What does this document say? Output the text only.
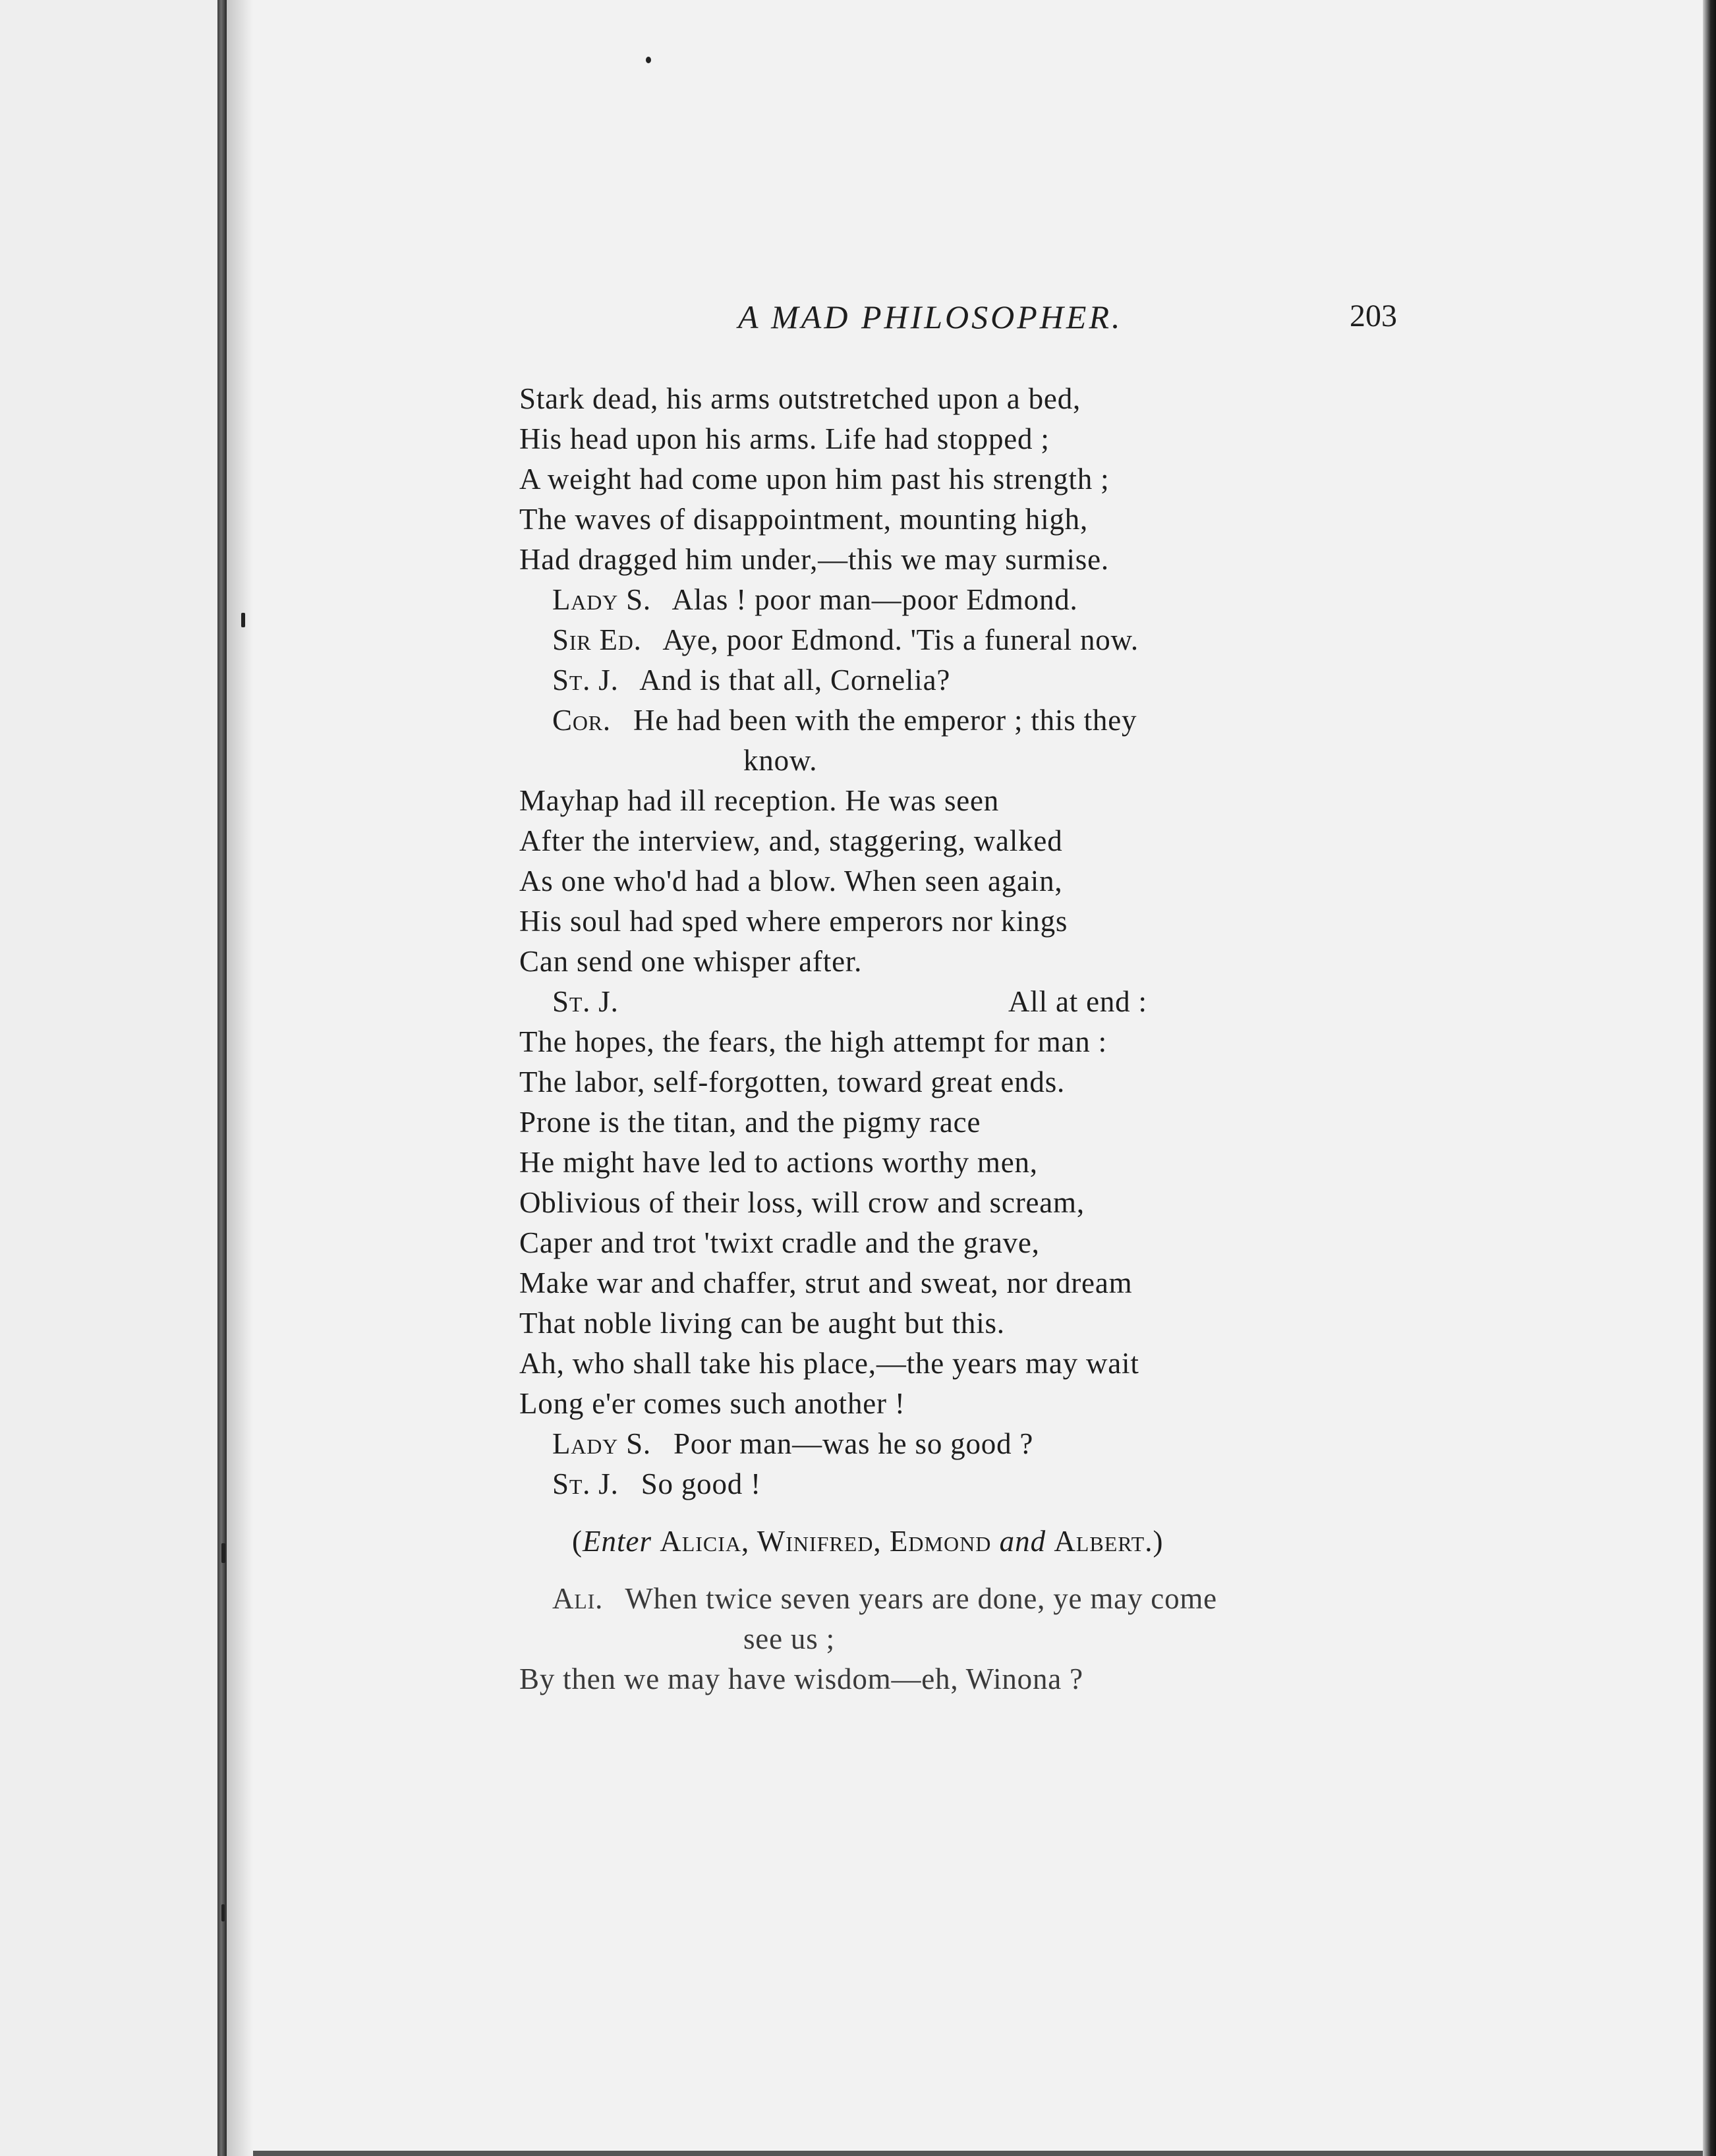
A MAD PHILOSOPHER.	203
Stark dead, his arms outstretched upon a bed,
His head upon his arms. Life had stopped ;
A weight had come upon him past his strength ;
The waves of disappointment, mounting high,
Had dragged him under,—this we may surmise.
Lady S. Alas ! poor man—poor Edmond.
Sir Ed. Aye, poor Edmond. 'Tis a funeral now.
St. J. And is that all, Cornelia?
Cor. He had been with the emperor ; this they
know.
Mayhap had ill reception. He was seen
After the interview, and, staggering, walked
As one who'd had a blow. When seen again,
His soul had sped where emperors nor kings
Can send one whisper after.
St. J.	All at end :
The hopes, the fears, the high attempt for man :
The labor, self-forgotten, toward great ends.
Prone is the titan, and the pigmy race
He might have led to actions worthy men,
Oblivious of their loss, will crow and scream,
Caper and trot 'twixt cradle and the grave,
Make war and chaffer, strut and sweat, nor dream
That noble living can be aught but this.
Ah, who shall take his place,—the years may wait
Long e'er comes such another !
Lady S. Poor man—was he so good ?
St. J. So good !
(Enter Alicia, Winifred, Edmond and Albert.)
Ali. When twice seven years are done, ye may come
see us ;
By then we may have wisdom—eh, Winona ?
